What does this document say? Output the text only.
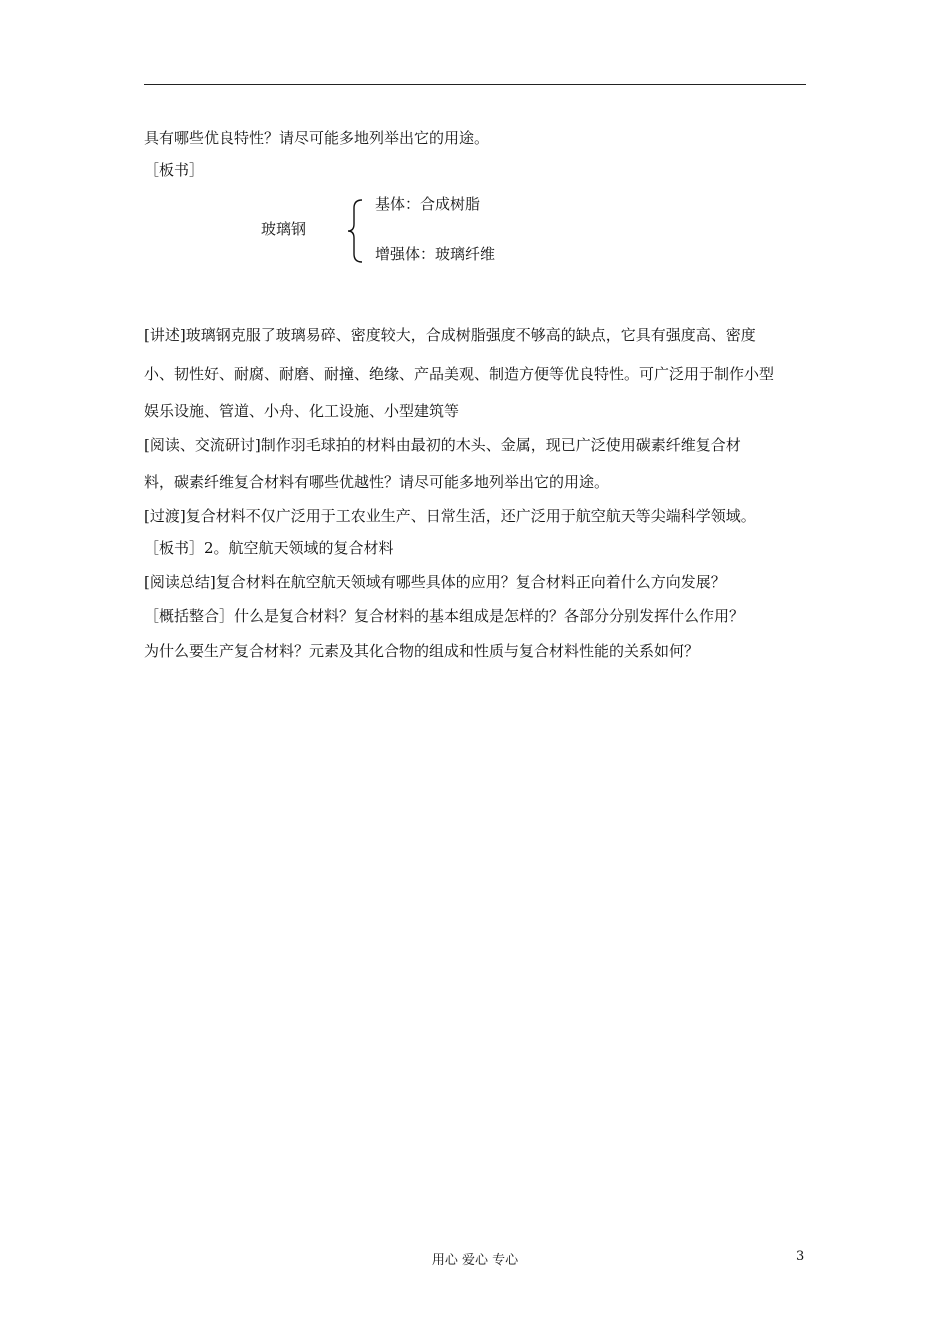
具有哪些优良特性？请尽可能多地列举出它的用途。
［板书］
玻璃钢
基体：合成树脂
增强体：玻璃纤维
[讲述]玻璃钢克服了玻璃易碎、密度较大，合成树脂强度不够高的缺点，它具有强度高、密度
小、韧性好、耐腐、耐磨、耐撞、绝缘、产品美观、制造方便等优良特性。可广泛用于制作小型
娱乐设施、管道、小舟、化工设施、小型建筑等
[阅读、交流研讨]制作羽毛球拍的材料由最初的木头、金属，现已广泛使用碳素纤维复合材
料，碳素纤维复合材料有哪些优越性？请尽可能多地列举出它的用途。
[过渡]复合材料不仅广泛用于工农业生产、日常生活，还广泛用于航空航天等尖端科学领域。
［板书］2。航空航天领域的复合材料
[阅读总结]复合材料在航空航天领域有哪些具体的应用？复合材料正向着什么方向发展？
［概括整合］什么是复合材料？复合材料的基本组成是怎样的？各部分分别发挥什么作用？
为什么要生产复合材料？元素及其化合物的组成和性质与复合材料性能的关系如何？
用心 爱心 专心	3
